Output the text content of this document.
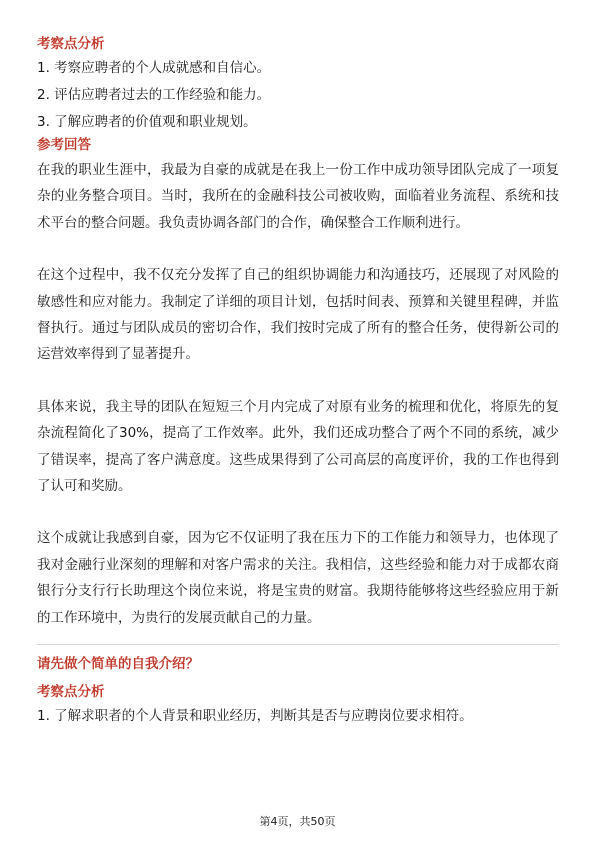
考察点分析
1. 考察应聘者的个人成就感和自信心。
2. 评估应聘者过去的工作经验和能力。
3. 了解应聘者的价值观和职业规划。
参考回答

在我的职业生涯中，我最为自豪的成就是在我上一份工作中成功领导团队完成了一项复杂的业务整合项目。当时，我所在的金融科技公司被收购，面临着业务流程、系统和技术平台的整合问题。我负责协调各部门的合作，确保整合工作顺利进行。

在这个过程中，我不仅充分发挥了自己的组织协调能力和沟通技巧，还展现了对风险的敏感性和应对能力。我制定了详细的项目计划，包括时间表、预算和关键里程碑，并监督执行。通过与团队成员的密切合作，我们按时完成了所有的整合任务，使得新公司的运营效率得到了显著提升。

具体来说，我主导的团队在短短三个月内完成了对原有业务的梳理和优化，将原先的复杂流程简化了30%，提高了工作效率。此外，我们还成功整合了两个不同的系统，减少了错误率，提高了客户满意度。这些成果得到了公司高层的高度评价，我的工作也得到了认可和奖励。

这个成就让我感到自豪，因为它不仅证明了我在压力下的工作能力和领导力，也体现了我对金融行业深刻的理解和对客户需求的关注。我相信，这些经验和能力对于成都农商银行分支行行长助理这个岗位来说，将是宝贵的财富。我期待能够将这些经验应用于新的工作环境中，为贵行的发展贡献自己的力量。

请先做个简单的自我介绍？
考察点分析
1. 了解求职者的个人背景和职业经历，判断其是否与应聘岗位要求相符。
第4页，共50页
